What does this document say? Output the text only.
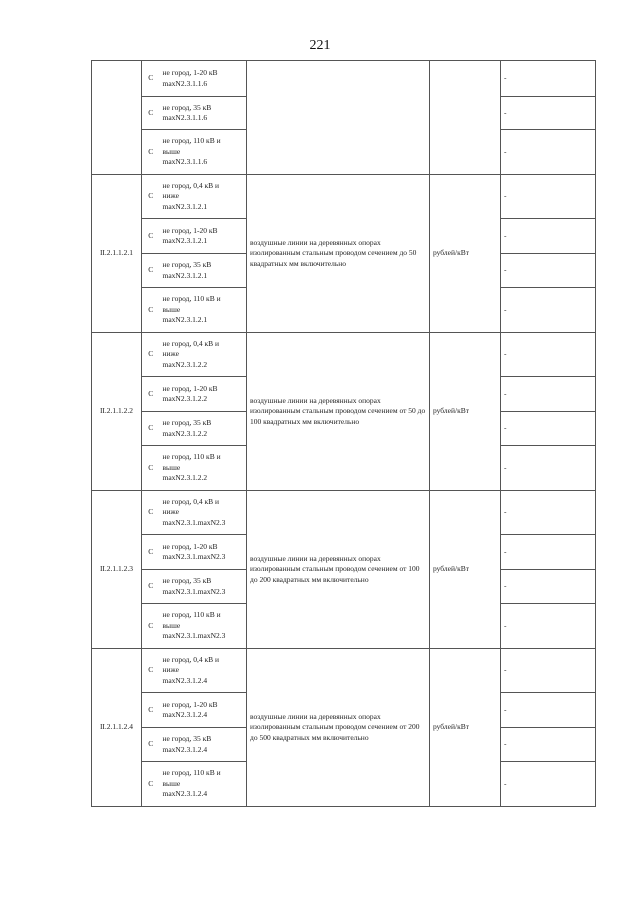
221
	С	не город, 1-20 кВ
maxN2.3.1.1.6			-
	С	не город, 35 кВ
maxN2.3.1.1.6			-
	С	не город, 110 кВ и
выше
maxN2.3.1.1.6			-
II.2.1.1.2.1	С	не город, 0,4 кВ и
ниже
maxN2.3.1.2.1	воздушные линии на деревянных опорах изолированным стальным проводом сечением до 50 квадратных мм включительно	рублей/кВт	-
	С	не город, 1-20 кВ
maxN2.3.1.2.1			-
	С	не город, 35 кВ
maxN2.3.1.2.1			-
	С	не город, 110 кВ и
выше
maxN2.3.1.2.1			-
II.2.1.1.2.2	С	не город, 0,4 кВ и
ниже
maxN2.3.1.2.2	воздушные линии на деревянных опорах изолированным стальным проводом сечением от 50 до 100 квадратных мм включительно	рублей/кВт	-
	С	не город, 1-20 кВ
maxN2.3.1.2.2			-
	С	не город, 35 кВ
maxN2.3.1.2.2			-
	С	не город, 110 кВ и
выше
maxN2.3.1.2.2			-
II.2.1.1.2.3	С	не город, 0,4 кВ и
ниже
maxN2.3.1.maxN2.3	воздушные линии на деревянных опорах изолированным стальным проводом сечением от 100 до 200 квадратных мм включительно	рублей/кВт	-
	С	не город, 1-20 кВ
maxN2.3.1.maxN2.3			-
	С	не город, 35 кВ
maxN2.3.1.maxN2.3			-
	С	не город, 110 кВ и
выше
maxN2.3.1.maxN2.3			-
II.2.1.1.2.4	С	не город, 0,4 кВ и
ниже
maxN2.3.1.2.4	воздушные линии на деревянных опорах изолированным стальным проводом сечением от 200 до 500 квадратных мм включительно	рублей/кВт	-
	С	не город, 1-20 кВ
maxN2.3.1.2.4			-
	С	не город, 35 кВ
maxN2.3.1.2.4			-
	С	не город, 110 кВ и
выше
maxN2.3.1.2.4			-
